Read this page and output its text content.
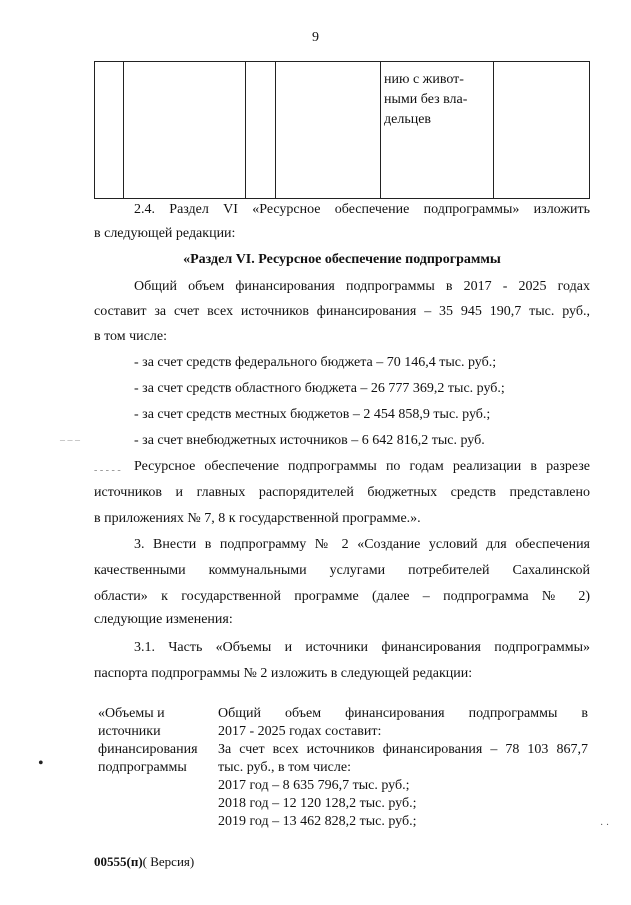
9
нию с живот-
ными без вла-
дельцев
2.4. Раздел VI «Ресурсное обеспечение подпрограммы» изложить
в следующей редакции:
«Раздел VI. Ресурсное обеспечение подпрограммы
Общий объем финансирования подпрограммы в 2017 - 2025 годах
составит за счет всех источников финансирования – 35 945 190,7 тыс. руб.,
в том числе:
- за счет средств федерального бюджета – 70 146,4 тыс. руб.;
- за счет средств областного бюджета – 26 777 369,2 тыс. руб.;
- за счет средств местных бюджетов – 2 454 858,9 тыс. руб.;
- за счет внебюджетных источников – 6 642 816,2 тыс. руб.
Ресурсное обеспечение подпрограммы по годам реализации в разрезе
источников и главных распорядителей бюджетных средств представлено
в приложениях № 7, 8 к государственной программе.».
3. Внести в подпрограмму № 2 «Создание условий для обеспечения
качественными коммунальными услугами потребителей Сахалинской
области» к государственной программе (далее – подпрограмма № 2)
следующие изменения:
3.1. Часть «Объемы и источники финансирования подпрограммы»
паспорта подпрограммы № 2 изложить в следующей редакции:
«Объемы и
источники
финансирования
подпрограммы
Общий объем финансирования подпрограммы в
2017 - 2025 годах составит:
За счет всех источников финансирования – 78 103 867,7
тыс. руб., в том числе:
2017 год – 8 635 796,7 тыс. руб.;
2018 год – 12 120 128,2 тыс. руб.;
2019 год – 13 462 828,2 тыс. руб.;
00555(п)( Версия)
– – –
•
· ·
- - - - -
